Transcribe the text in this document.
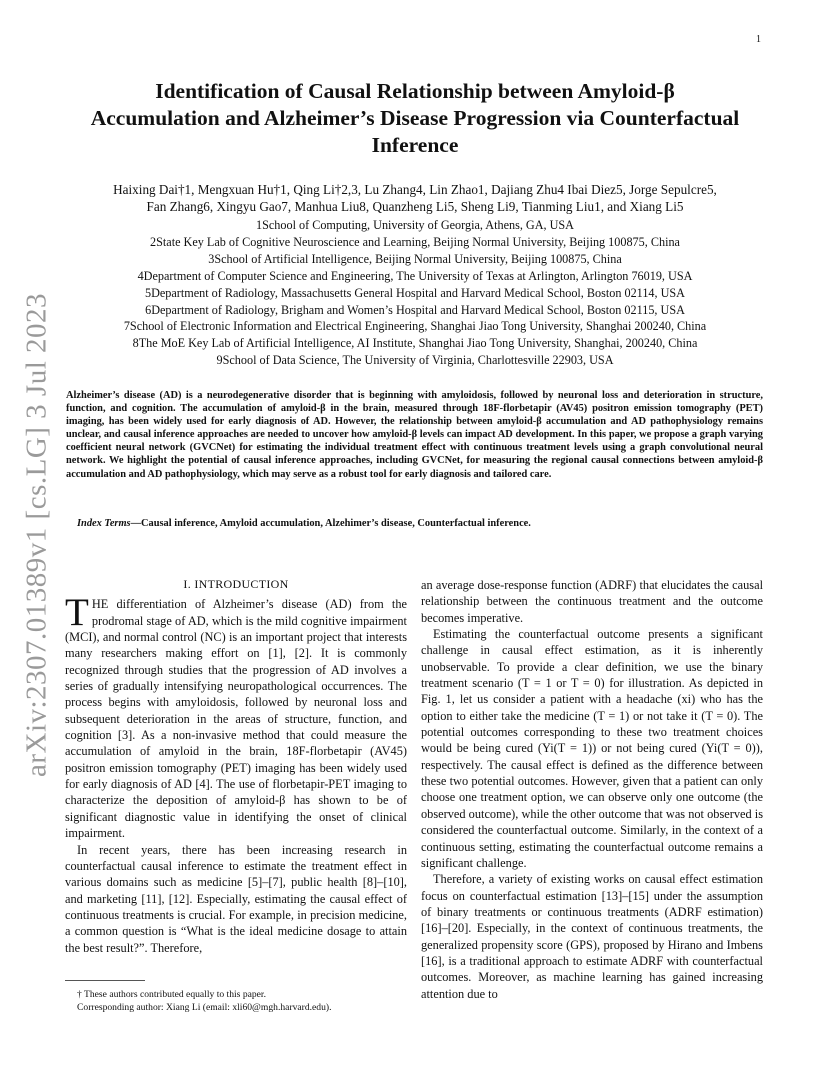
1
arXiv:2307.01389v1 [cs.LG] 3 Jul 2023
Identification of Causal Relationship between Amyloid-β Accumulation and Alzheimer’s Disease Progression via Counterfactual Inference
Haixing Dai†1, Mengxuan Hu†1, Qing Li†2,3, Lu Zhang4, Lin Zhao1, Dajiang Zhu4 Ibai Diez5, Jorge Sepulcre5,
Fan Zhang6, Xingyu Gao7, Manhua Liu8, Quanzheng Li5, Sheng Li9, Tianming Liu1, and Xiang Li5
1School of Computing, University of Georgia, Athens, GA, USA
2State Key Lab of Cognitive Neuroscience and Learning, Beijing Normal University, Beijing 100875, China
3School of Artificial Intelligence, Beijing Normal University, Beijing 100875, China
4Department of Computer Science and Engineering, The University of Texas at Arlington, Arlington 76019, USA
5Department of Radiology, Massachusetts General Hospital and Harvard Medical School, Boston 02114, USA
6Department of Radiology, Brigham and Women’s Hospital and Harvard Medical School, Boston 02115, USA
7School of Electronic Information and Electrical Engineering, Shanghai Jiao Tong University, Shanghai 200240, China
8The MoE Key Lab of Artificial Intelligence, AI Institute, Shanghai Jiao Tong University, Shanghai, 200240, China
9School of Data Science, The University of Virginia, Charlottesville 22903, USA

Alzheimer’s disease (AD) is a neurodegenerative disorder that is beginning with amyloidosis, followed by neuronal loss and deterioration in structure, function, and cognition. The accumulation of amyloid-β in the brain, measured through 18F-florbetapir (AV45) positron emission tomography (PET) imaging, has been widely used for early diagnosis of AD. However, the relationship between amyloid-β accumulation and AD pathophysiology remains unclear, and causal inference approaches are needed to uncover how amyloid-β levels can impact AD development. In this paper, we propose a graph varying coefficient neural network (GVCNet) for estimating the individual treatment effect with continuous treatment levels using a graph convolutional neural network. We highlight the potential of causal inference approaches, including GVCNet, for measuring the regional causal connections between amyloid-β accumulation and AD pathophysiology, which may serve as a robust tool for early diagnosis and tailored care.

Index Terms—Causal inference, Amyloid accumulation, Alzehimer’s disease, Counterfactual inference.

I. INTRODUCTION

THE differentiation of Alzheimer’s disease (AD) from the prodromal stage of AD, which is the mild cognitive impairment (MCI), and normal control (NC) is an important project that interests many researchers making effort on [1], [2]. It is commonly recognized through studies that the progression of AD involves a series of gradually intensifying neuropathological occurrences. The process begins with amyloidosis, followed by neuronal loss and subsequent deterioration in the areas of structure, function, and cognition [3]. As a non-invasive method that could measure the accumulation of amyloid in the brain, 18F-florbetapir (AV45) positron emission tomography (PET) imaging has been widely used for early diagnosis of AD [4]. The use of florbetapir-PET imaging to characterize the deposition of amyloid-β has shown to be of significant diagnostic value in identifying the onset of clinical impairment.

In recent years, there has been increasing research in counterfactual causal inference to estimate the treatment effect in various domains such as medicine [5]–[7], public health [8]–[10], and marketing [11], [12]. Especially, estimating the causal effect of continuous treatments is crucial. For example, in precision medicine, a common question is “What is the ideal medicine dosage to attain the best result?”. Therefore,

an average dose-response function (ADRF) that elucidates the causal relationship between the continuous treatment and the outcome becomes imperative.

Estimating the counterfactual outcome presents a significant challenge in causal effect estimation, as it is inherently unobservable. To provide a clear definition, we use the binary treatment scenario (T = 1 or T = 0) for illustration. As depicted in Fig. 1, let us consider a patient with a headache (xi) who has the option to either take the medicine (T = 1) or not take it (T = 0). The potential outcomes corresponding to these two treatment choices would be being cured (Yi(T = 1)) or not being cured (Yi(T = 0)), respectively. The causal effect is defined as the difference between these two potential outcomes. However, given that a patient can only choose one treatment option, we can observe only one outcome (the observed outcome), while the other outcome that was not observed is considered the counterfactual outcome. Similarly, in the context of a continuous setting, estimating the counterfactual outcome remains a significant challenge.

Therefore, a variety of existing works on causal effect estimation focus on counterfactual estimation [13]–[15] under the assumption of binary treatments or continuous treatments (ADRF estimation) [16]–[20]. Especially, in the context of continuous treatments, the generalized propensity score (GPS), proposed by Hirano and Imbens [16], is a traditional approach to estimate ADRF with counterfactual outcomes. Moreover, as machine learning has gained increasing attention due to

† These authors contributed equally to this paper.
Corresponding author: Xiang Li (email: xli60@mgh.harvard.edu).
